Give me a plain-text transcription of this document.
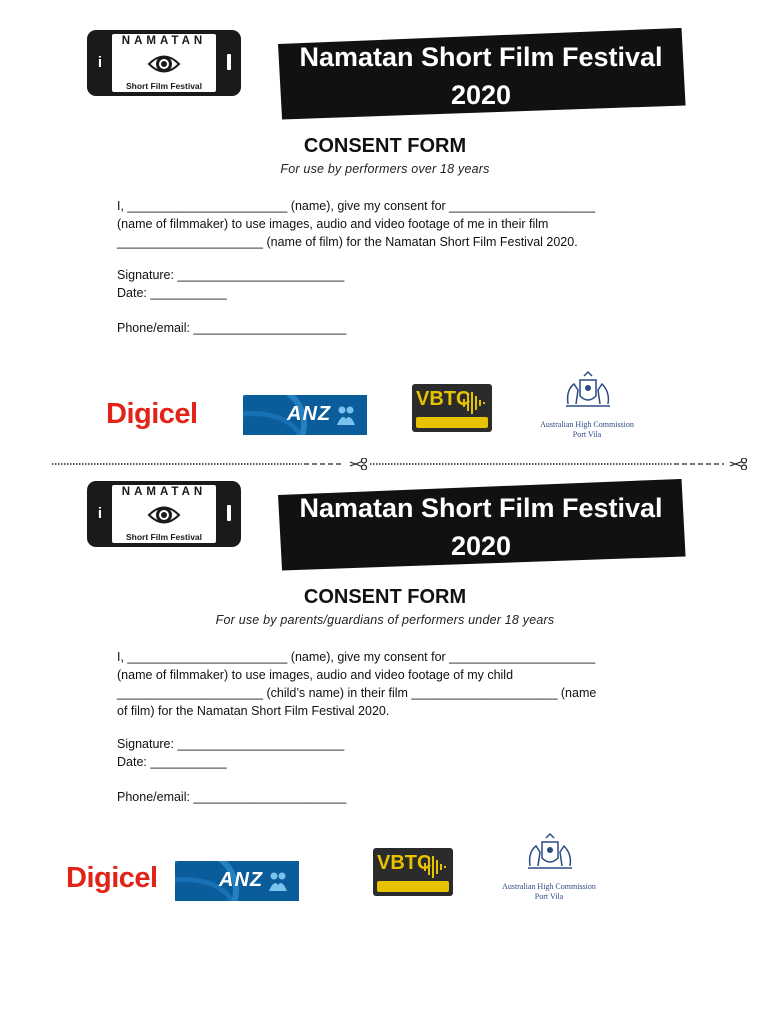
i
NAMATAN
Short Film Festival
Namatan Short Film Festival
2020
CONSENT FORM
For use by performers over 18 years
I, _______________________ (name), give my consent for _____________________
(name of filmmaker) to use images, audio and video footage of me in their film
_____________________ (name of film) for the Namatan Short Film Festival 2020.
Signature: ________________________
Date: ___________
Phone/email: ______________________
Digicel	ANZ
VBTC
Australian High Commission
Port Vila
i
NAMATAN
Short Film Festival
Namatan Short Film Festival
2020
CONSENT FORM
For use by parents/guardians of performers under 18 years
I, _______________________ (name), give my consent for _____________________
(name of filmmaker) to use images, audio and video footage of my child
_____________________ (child’s name) in their film _____________________ (name
of film) for the Namatan Short Film Festival 2020.
Signature: ________________________
Date: ___________
Phone/email: ______________________
Digicel	ANZ
VBTC
Australian High Commission
Port Vila
